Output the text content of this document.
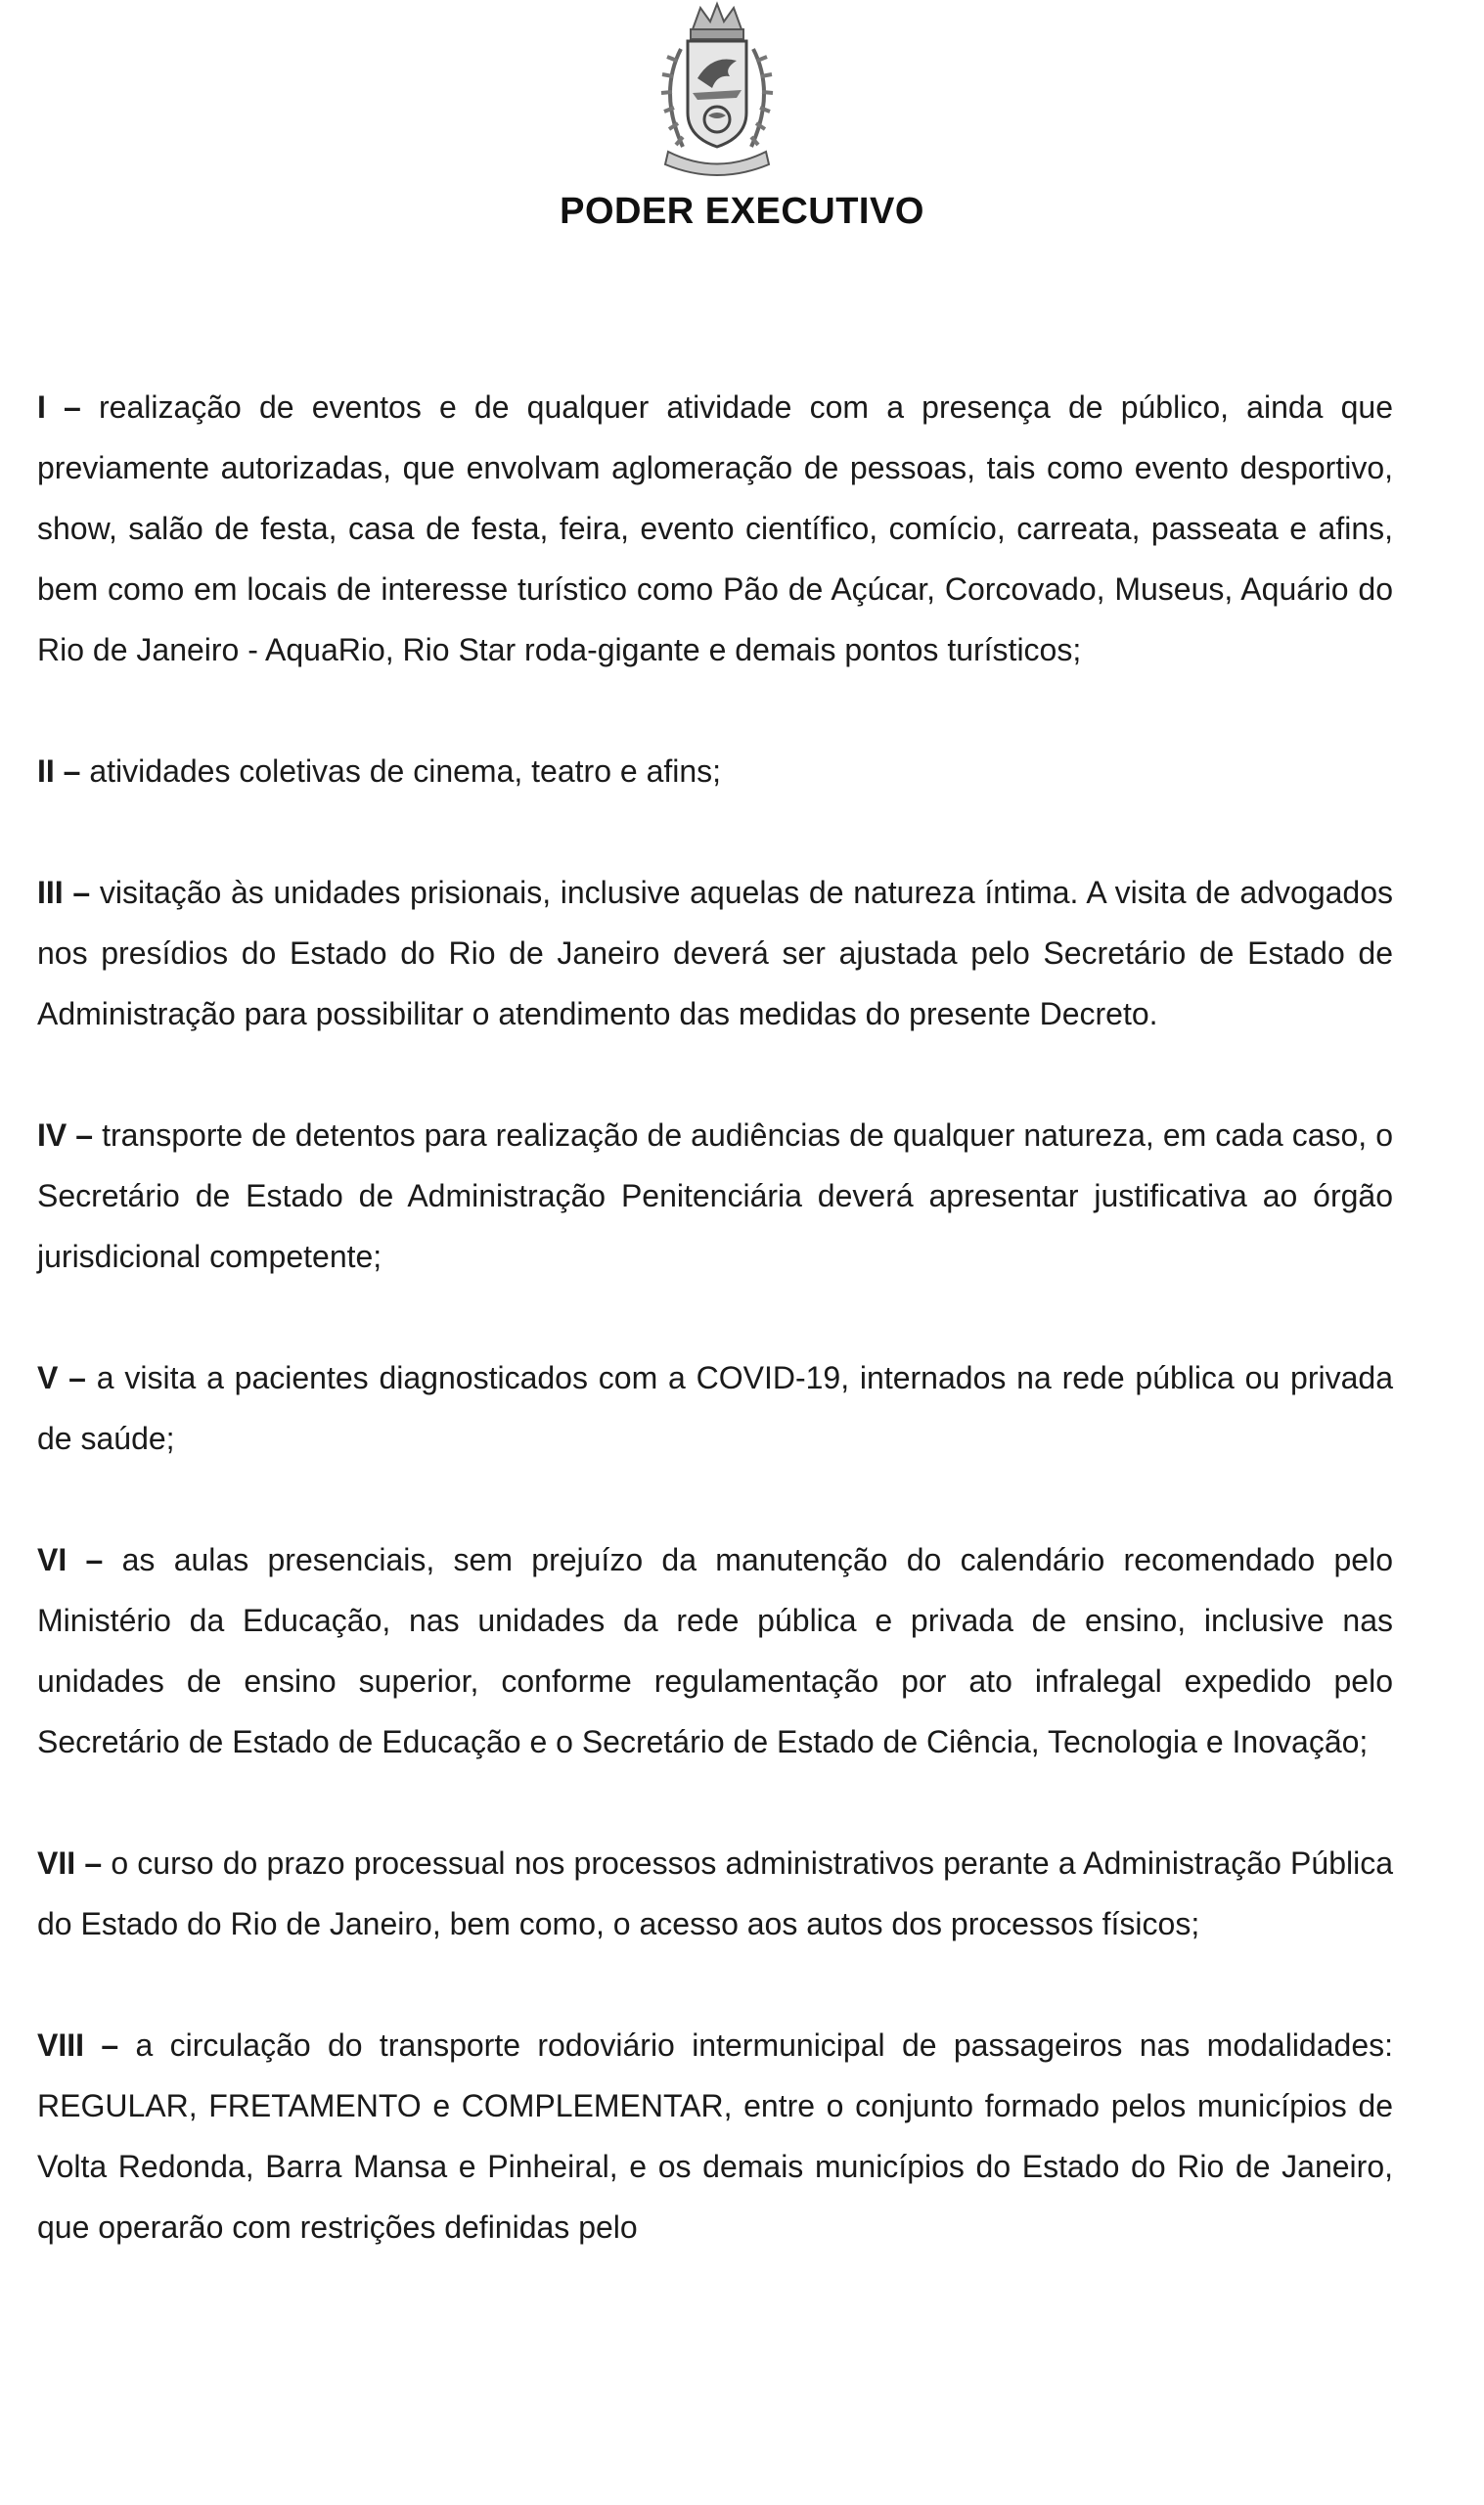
PODER EXECUTIVO

I – realização de eventos e de qualquer atividade com a presença de público, ainda que previamente autorizadas, que envolvam aglomeração de pessoas, tais como evento desportivo, show, salão de festa, casa de festa, feira, evento científico, comício, carreata, passeata e afins, bem como em locais de interesse turístico como Pão de Açúcar, Corcovado, Museus, Aquário do Rio de Janeiro - AquaRio, Rio Star roda-gigante e demais pontos turísticos;

II – atividades coletivas de cinema, teatro e afins;

III – visitação às unidades prisionais, inclusive aquelas de natureza íntima. A visita de advogados nos presídios do Estado do Rio de Janeiro deverá ser ajustada pelo Secretário de Estado de Administração para possibilitar o atendimento das medidas do presente Decreto.

IV – transporte de detentos para realização de audiências de qualquer natureza, em cada caso, o Secretário de Estado de Administração Penitenciária deverá apresentar justificativa ao órgão jurisdicional competente;

V – a visita a pacientes diagnosticados com a COVID-19, internados na rede pública ou privada de saúde;

VI – as aulas presenciais, sem prejuízo da manutenção do calendário recomendado pelo Ministério da Educação, nas unidades da rede pública e privada de ensino, inclusive nas unidades de ensino superior, conforme regulamentação por ato infralegal expedido pelo Secretário de Estado de Educação e o Secretário de Estado de Ciência, Tecnologia e Inovação;

VII – o curso do prazo processual nos processos administrativos perante a Administração Pública do Estado do Rio de Janeiro, bem como, o acesso aos autos dos processos físicos;

VIII – a circulação do transporte rodoviário intermunicipal de passageiros nas modalidades: REGULAR, FRETAMENTO e COMPLEMENTAR, entre o conjunto formado pelos municípios de Volta Redonda, Barra Mansa e Pinheiral, e os demais municípios do Estado do Rio de Janeiro, que operarão com restrições definidas pelo
